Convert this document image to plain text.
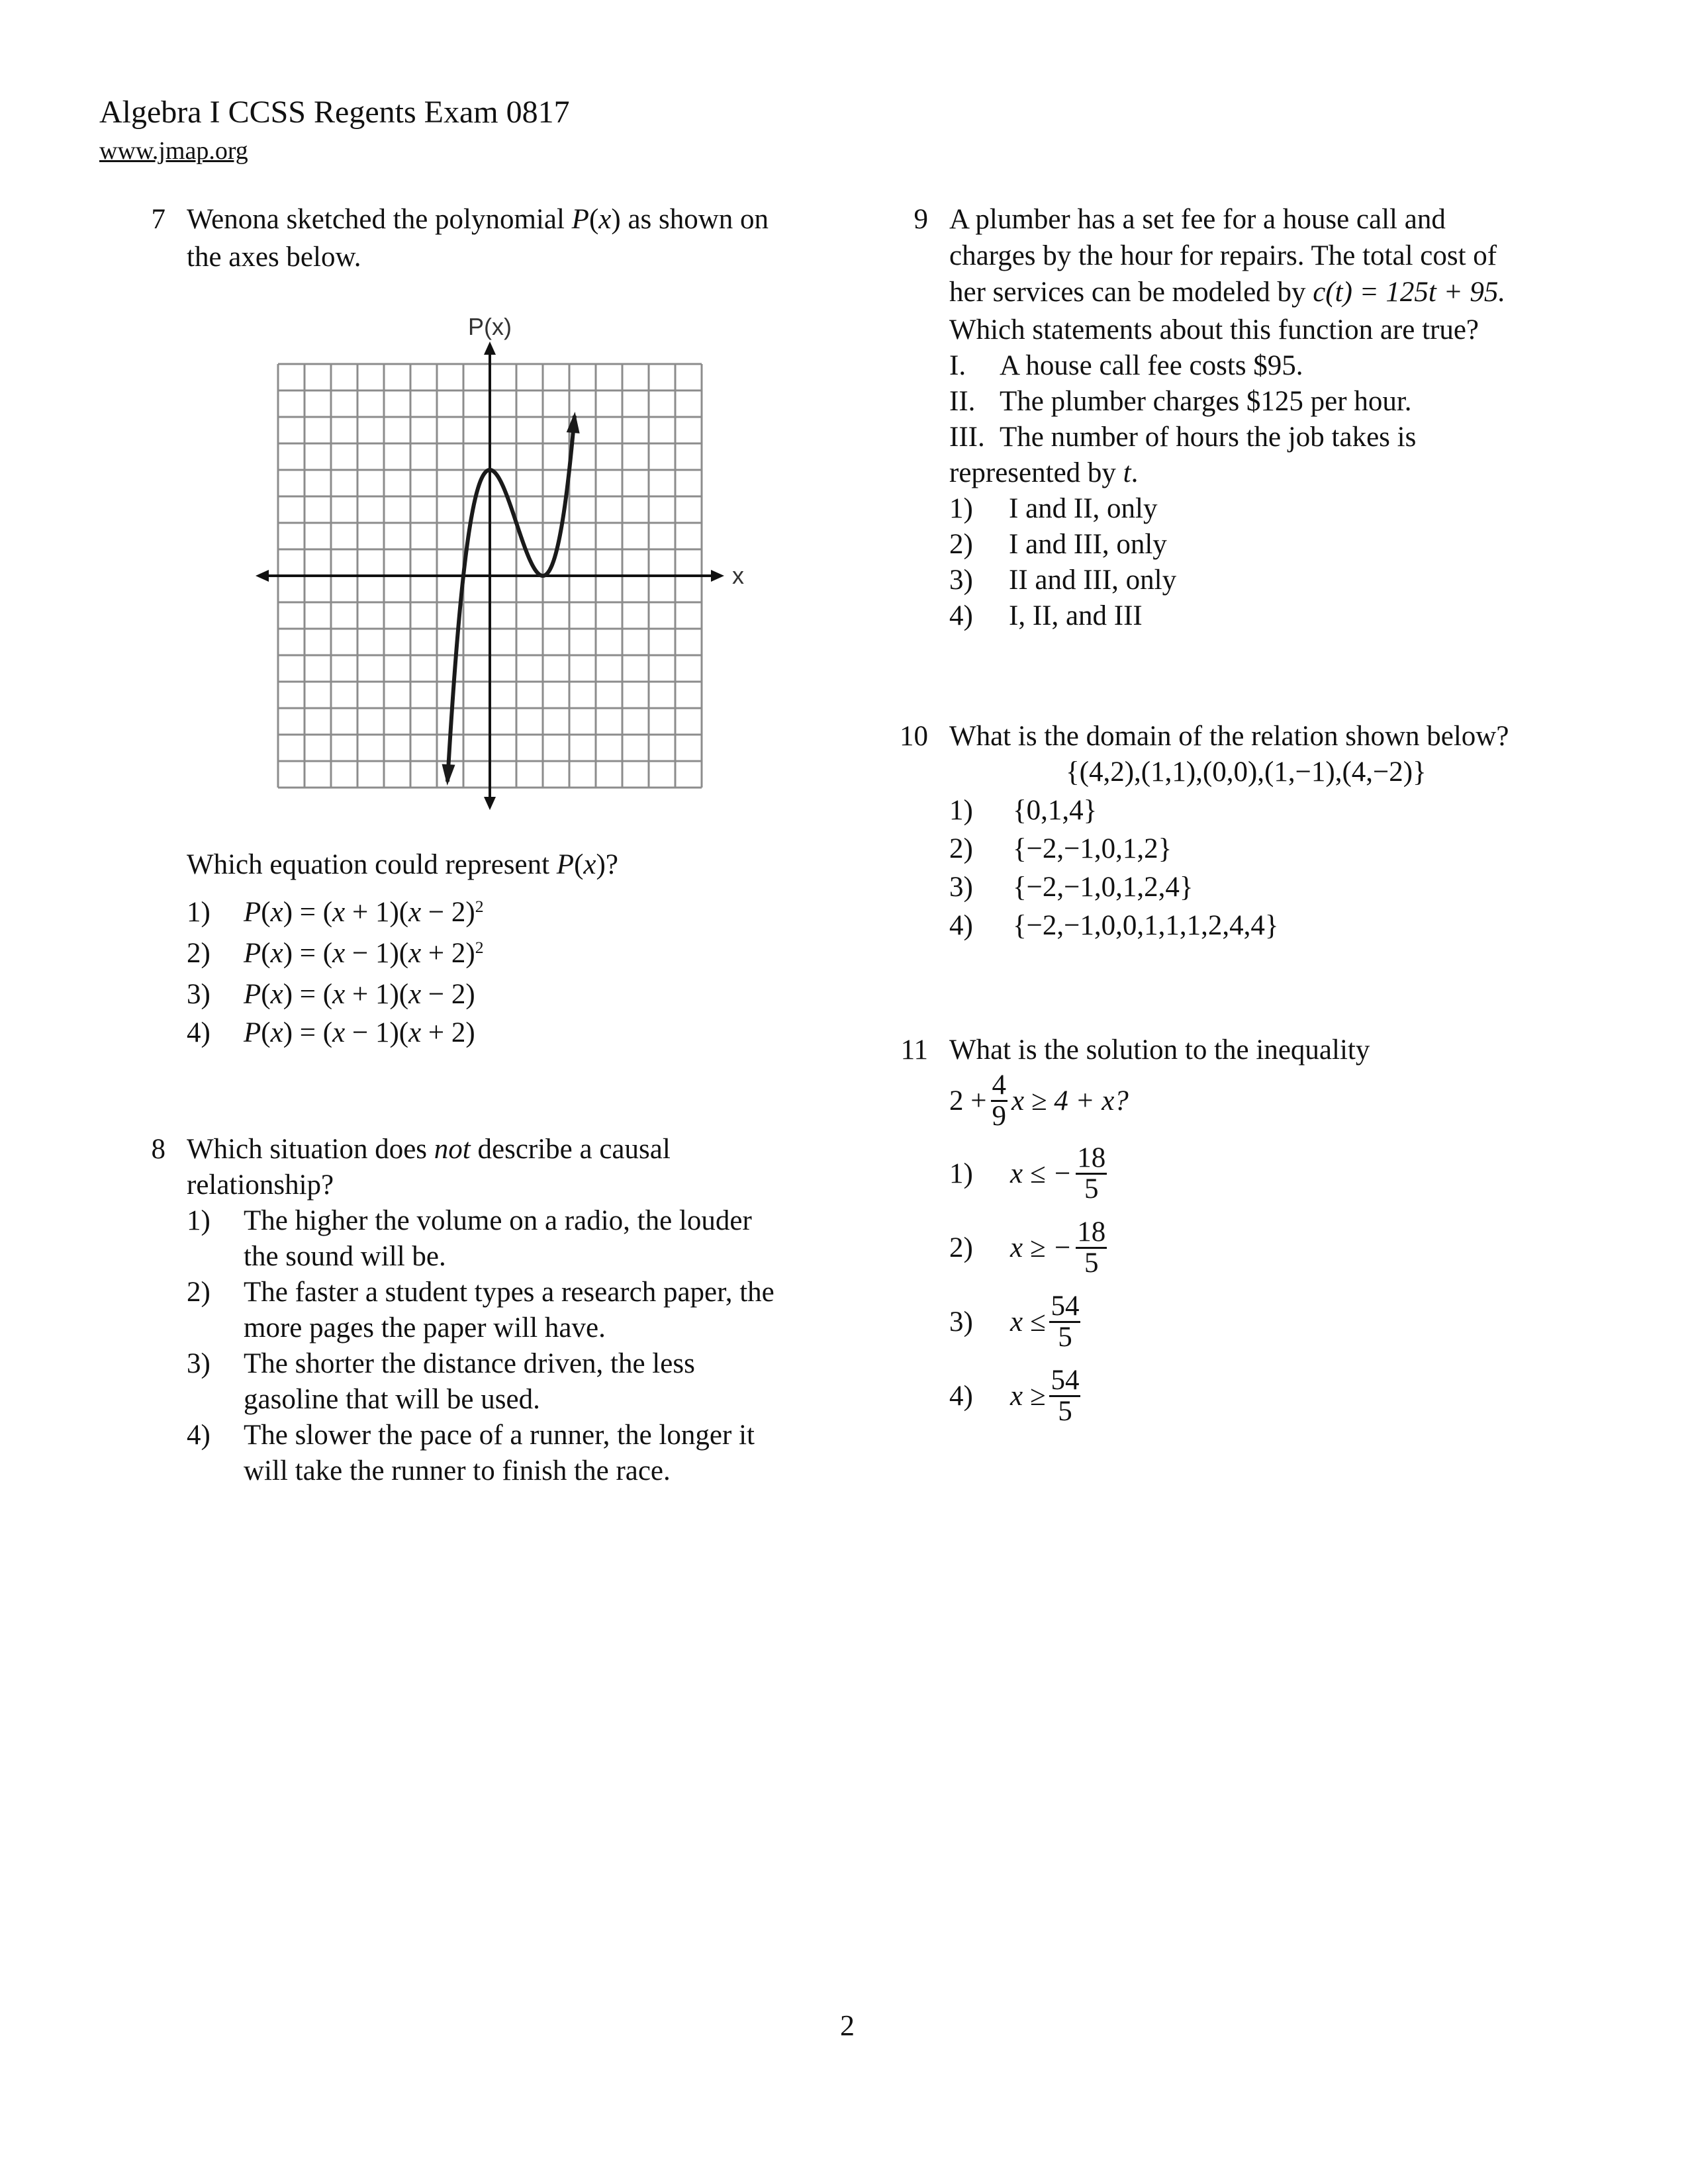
Algebra I CCSS Regents Exam 0817
www.jmap.org
7 Wenona sketched the polynomial P(x) as shown on
the axes below.
P(x)
x
Which equation could represent P(x)?
1) $P(x) = (x + 1)(x - 2)^2$
2) $P(x) = (x - 1)(x + 2)^2$
3) P(x) = (x + 1)(x − 2)
4) P(x) = (x − 1)(x + 2)
8 Which situation does not describe a causal
relationship?
1) The higher the volume on a radio, the louder
the sound will be.
2) The faster a student types a research paper, the
more pages the paper will have.
3) The shorter the distance driven, the less
gasoline that will be used.
4) The slower the pace of a runner, the longer it
will take the runner to finish the race.
9 A plumber has a set fee for a house call and
charges by the hour for repairs. The total cost of
her services can be modeled by c(t) = 125t + 95.
Which statements about this function are true?
I. A house call fee costs $95.
II. The plumber charges $125 per hour.
III. The number of hours the job takes is
represented by t.
1) I and II, only
2) I and III, only
3) II and III, only
4) I, II, and III
10 What is the domain of the relation shown below?
{(4,2),(1,1),(0,0),(1,−1),(4,−2)}
1) {0,1,4}
2) {−2,−1,0,1,2}
3) {−2,−1,0,1,2,4}
4) {−2,−1,0,0,1,1,1,2,4,4}
11 What is the solution to the inequality
$2 + \frac{4}{9}$ x ≥ 4 + x?
1) x ≤ − $\frac{18}{5}$
2) x ≥ − $\frac{18}{5}$
3) $x \le \frac{54}{5}$
4) $x \ge \frac{54}{5}$
2
